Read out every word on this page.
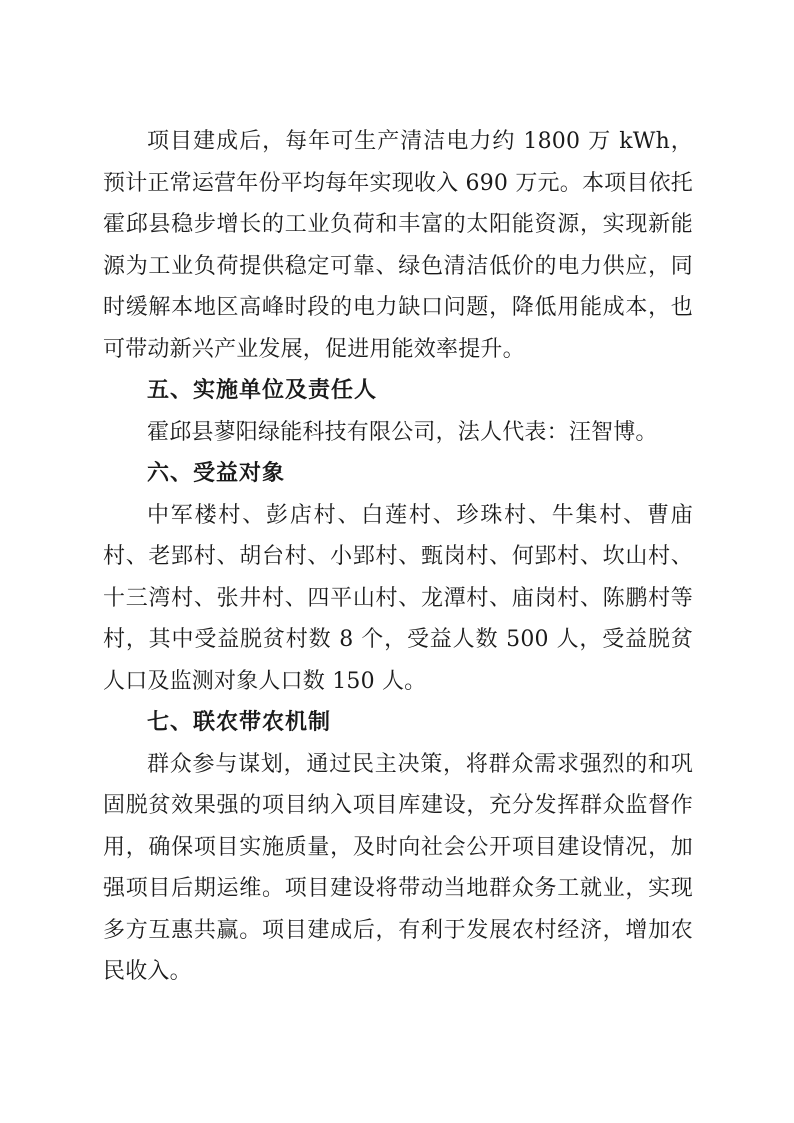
项目建成后，每年可生产清洁电力约 1800 万 kWh，预计正常运营年份平均每年实现收入 690 万元。本项目依托霍邱县稳步增长的工业负荷和丰富的太阳能资源，实现新能源为工业负荷提供稳定可靠、绿色清洁低价的电力供应，同时缓解本地区高峰时段的电力缺口问题，降低用能成本，也可带动新兴产业发展，促进用能效率提升。

五、实施单位及责任人

霍邱县蓼阳绿能科技有限公司，法人代表：汪智博。

六、受益对象

中军楼村、彭店村、白莲村、珍珠村、牛集村、曹庙村、老郢村、胡台村、小郢村、甄岗村、何郢村、坎山村、十三湾村、张井村、四平山村、龙潭村、庙岗村、陈鹏村等村，其中受益脱贫村数 8 个，受益人数 500 人，受益脱贫人口及监测对象人口数 150 人。

七、联农带农机制

群众参与谋划，通过民主决策，将群众需求强烈的和巩固脱贫效果强的项目纳入项目库建设，充分发挥群众监督作用，确保项目实施质量，及时向社会公开项目建设情况，加强项目后期运维。项目建设将带动当地群众务工就业，实现多方互惠共赢。项目建成后，有利于发展农村经济，增加农民收入。
